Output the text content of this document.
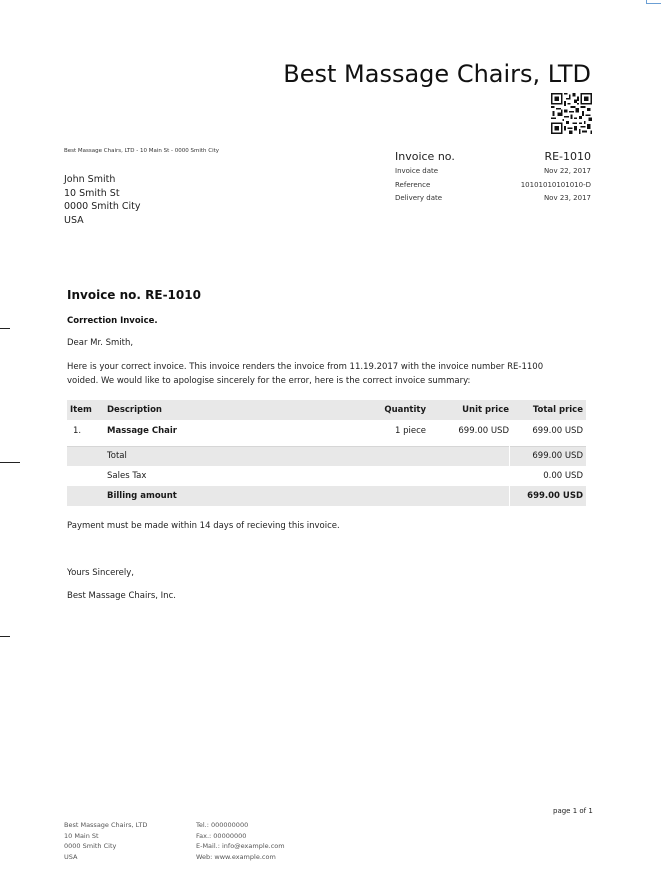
Best Massage Chairs, LTD
Best Massage Chairs, LTD - 10 Main St - 0000 Smith City
John Smith
10 Smith St
0000 Smith City
USA
Invoice no.	RE-1010
Invoice date	Nov 22, 2017
Reference	10101010101010-D
Delivery date	Nov 23, 2017
Invoice no. RE-1010
Correction Invoice.
Dear Mr. Smith,
Here is your correct invoice. This invoice renders the invoice from 11.19.2017 with the invoice number RE-1100
voided. We would like to apologise sincerely for the error, here is the correct invoice summary:
Item	Description	Quantity	Unit price	Total price
1.	Massage Chair	1 piece	699.00 USD	699.00 USD

	Total			699.00 USD
	Sales Tax			0.00 USD
	Billing amount			699.00 USD
Payment must be made within 14 days of recieving this invoice.
Yours Sincerely,
Best Massage Chairs, Inc.
page 1 of 1
Best Massage Chairs, LTD
10 Main St
0000 Smith City
USA
Tel.: 000000000
Fax.: 00000000
E-Mail.: info@example.com
Web: www.example.com
